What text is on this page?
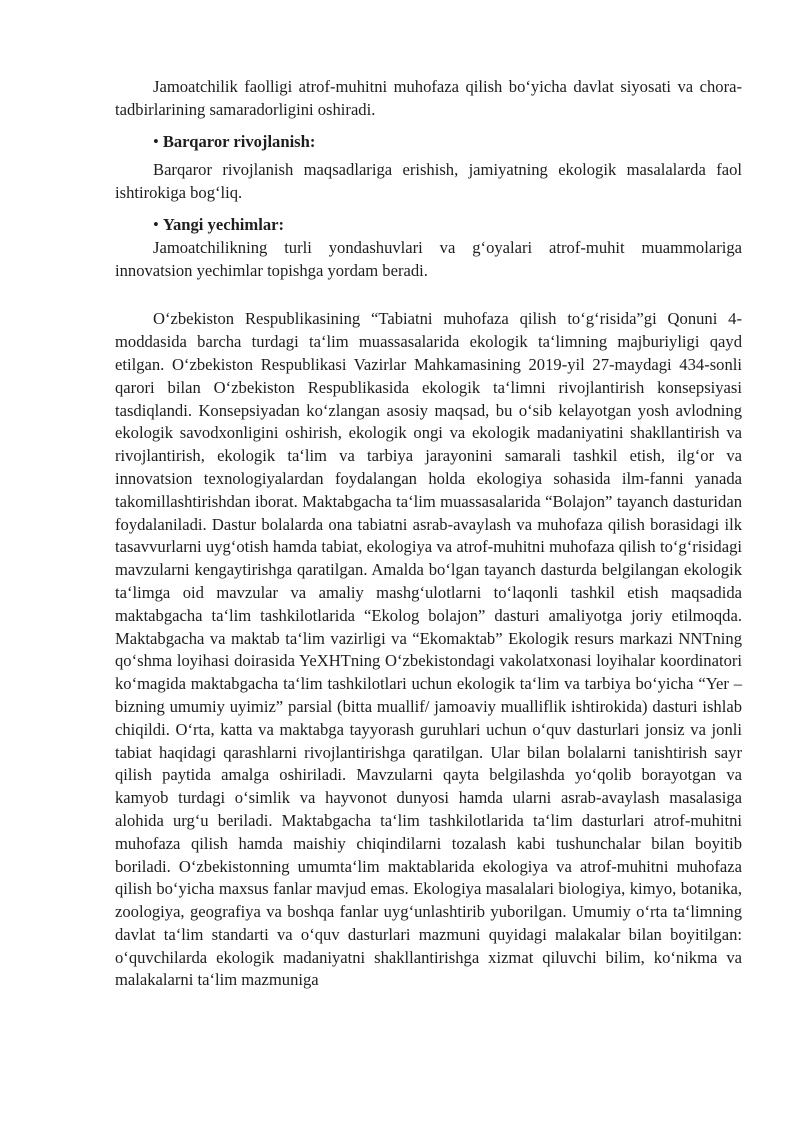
Jamoatchilik faolligi atrof-muhitni muhofaza qilish bo‘yicha davlat siyosati va chora-tadbirlarining samaradorligini oshiradi.

• Barqaror rivojlanish:

Barqaror rivojlanish maqsadlariga erishish, jamiyatning ekologik masalalarda faol ishtirokiga bog‘liq.

• Yangi yechimlar:

Jamoatchilikning turli yondashuvlari va g‘oyalari atrof-muhit muammolariga innovatsion yechimlar topishga yordam beradi.

O‘zbekiston Respublikasining “Tabiatni muhofaza qilish to‘g‘risida”gi Qonuni 4-moddasida barcha turdagi ta‘lim muassasalarida ekologik ta‘limning majburiyligi qayd etilgan. O‘zbekiston Respublikasi Vazirlar Mahkamasining 2019-yil 27-maydagi 434-sonli qarori bilan O‘zbekiston Respublikasida ekologik ta‘limni rivojlantirish konsepsiyasi tasdiqlandi. Konsepsiyadan ko‘zlangan asosiy maqsad, bu o‘sib kelayotgan yosh avlodning ekologik savodxonligini oshirish, ekologik ongi va ekologik madaniyatini shakllantirish va rivojlantirish, ekologik ta‘lim va tarbiya jarayonini samarali tashkil etish, ilg‘or va innovatsion texnologiyalardan foydalangan holda ekologiya sohasida ilm-fanni yanada takomillashtirishdan iborat. Maktabgacha ta‘lim muassasalarida “Bolajon” tayanch dasturidan foydalaniladi. Dastur bolalarda ona tabiatni asrab-avaylash va muhofaza qilish borasidagi ilk tasavvurlarni uyg‘otish hamda tabiat, ekologiya va atrof-muhitni muhofaza qilish to‘g‘risidagi mavzularni kengaytirishga qaratilgan. Amalda bo‘lgan tayanch dasturda belgilangan ekologik ta‘limga oid mavzular va amaliy mashg‘ulotlarni to‘laqonli tashkil etish maqsadida maktabgacha ta‘lim tashkilotlarida “Ekolog bolajon” dasturi amaliyotga joriy etilmoqda. Maktabgacha va maktab ta‘lim vazirligi va “Ekomaktab” Ekologik resurs markazi NNTning qo‘shma loyihasi doirasida YeXHTning O‘zbekistondagi vakolatxonasi loyihalar koordinatori ko‘magida maktabgacha ta‘lim tashkilotlari uchun ekologik ta‘lim va tarbiya bo‘yicha “Yer – bizning umumiy uyimiz” parsial (bitta muallif/ jamoaviy mualliflik ishtirokida) dasturi ishlab chiqildi. O‘rta, katta va maktabga tayyorash guruhlari uchun o‘quv dasturlari jonsiz va jonli tabiat haqidagi qarashlarni rivojlantirishga qaratilgan. Ular bilan bolalarni tanishtirish sayr qilish paytida amalga oshiriladi. Mavzularni qayta belgilashda yo‘qolib borayotgan va kamyob turdagi o‘simlik va hayvonot dunyosi hamda ularni asrab-avaylash masalasiga alohida urg‘u beriladi. Maktabgacha ta‘lim tashkilotlarida ta‘lim dasturlari atrof-muhitni muhofaza qilish hamda maishiy chiqindilarni tozalash kabi tushunchalar bilan boyitib boriladi. O‘zbekistonning umumta‘lim maktablarida ekologiya va atrof-muhitni muhofaza qilish bo‘yicha maxsus fanlar mavjud emas. Ekologiya masalalari biologiya, kimyo, botanika, zoologiya, geografiya va boshqa fanlar uyg‘unlashtirib yuborilgan. Umumiy o‘rta ta‘limning davlat ta‘lim standarti va o‘quv dasturlari mazmuni quyidagi malakalar bilan boyitilgan: o‘quvchilarda ekologik madaniyatni shakllantirishga xizmat qiluvchi bilim, ko‘nikma va malakalarni ta‘lim mazmuniga
